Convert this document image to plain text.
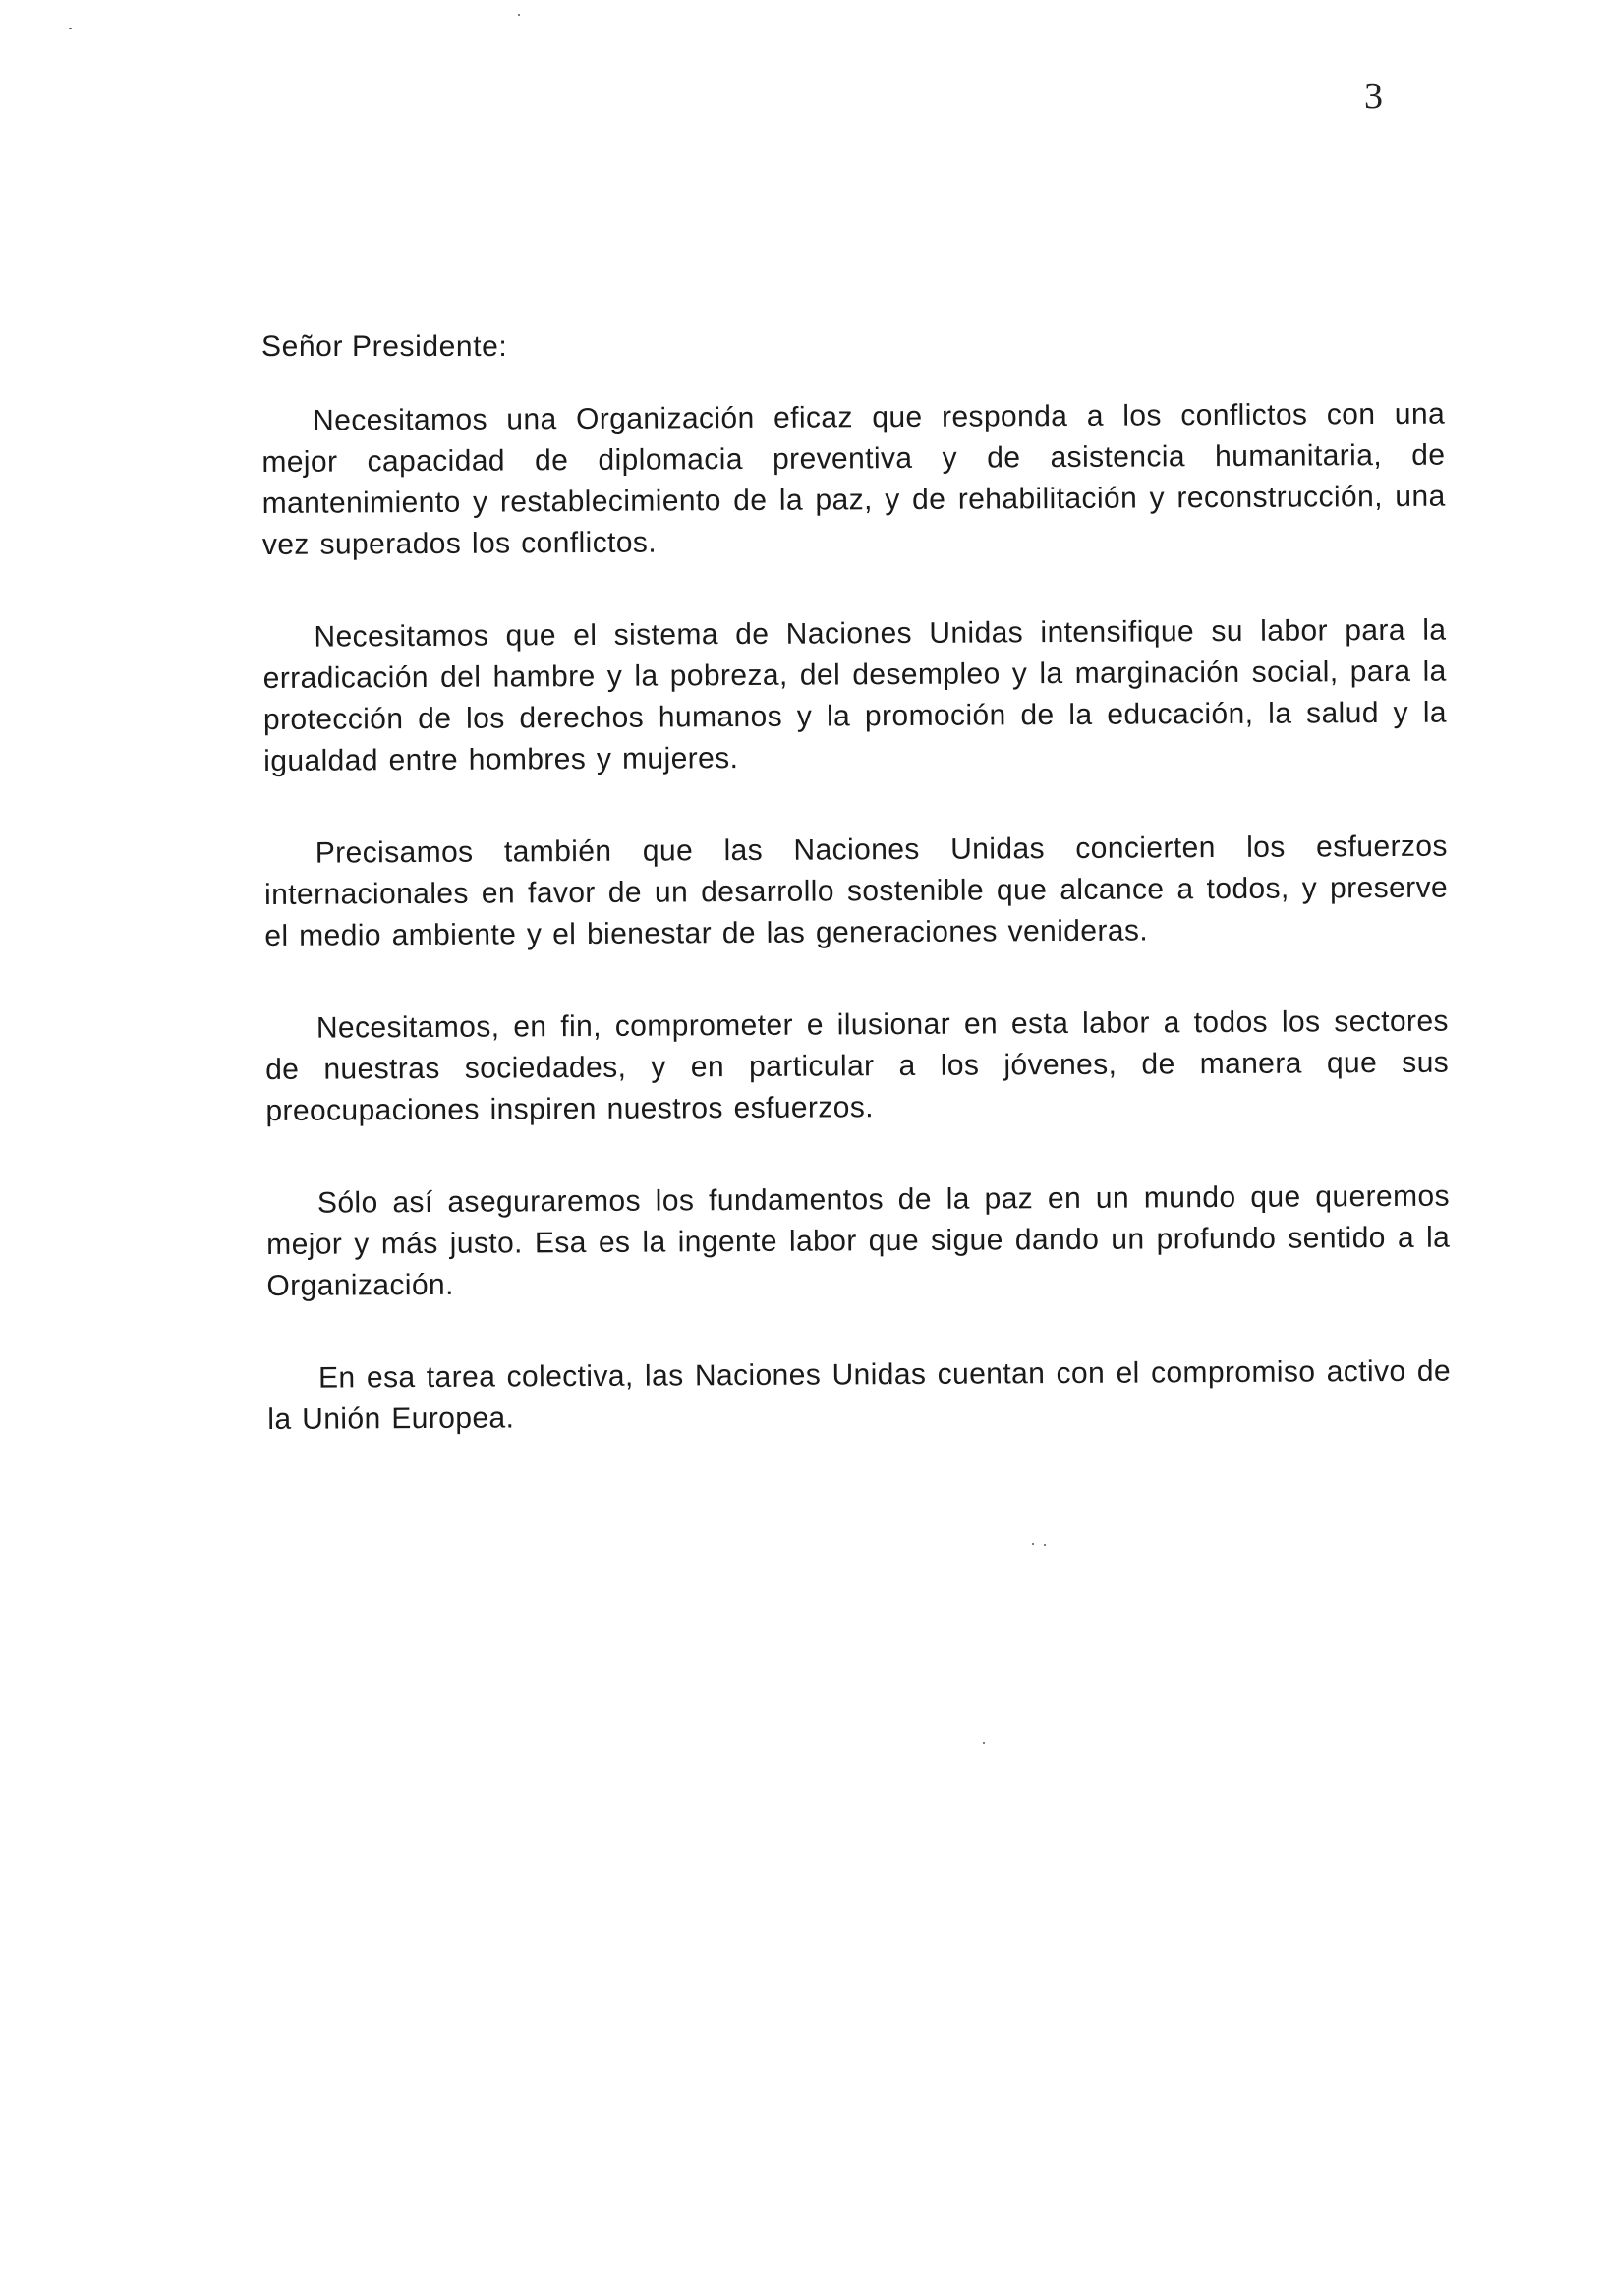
3
Señor Presidente:

Necesitamos una Organización eficaz que responda a los conflictos con una mejor capacidad de diplomacia preventiva y de asistencia humanitaria, de mantenimiento y restablecimiento de la paz, y de rehabilitación y reconstrucción, una vez superados los conflictos.

Necesitamos que el sistema de Naciones Unidas intensifique su labor para la erradicación del hambre y la pobreza, del desempleo y la marginación social, para la protección de los derechos humanos y la promoción de la educación, la salud y la igualdad entre hombres y mujeres.

Precisamos también que las Naciones Unidas concierten los esfuerzos internacionales en favor de un desarrollo sostenible que alcance a todos, y preserve el medio ambiente y el bienestar de las generaciones venideras.

Necesitamos, en fin, comprometer e ilusionar en esta labor a todos los sectores de nuestras sociedades, y en particular a los jóvenes, de manera que sus preocupaciones inspiren nuestros esfuerzos.

Sólo así aseguraremos los fundamentos de la paz en un mundo que queremos mejor y más justo. Esa es la ingente labor que sigue dando un profundo sentido a la Organización.

En esa tarea colectiva, las Naciones Unidas cuentan con el compromiso activo de la Unión Europea.
